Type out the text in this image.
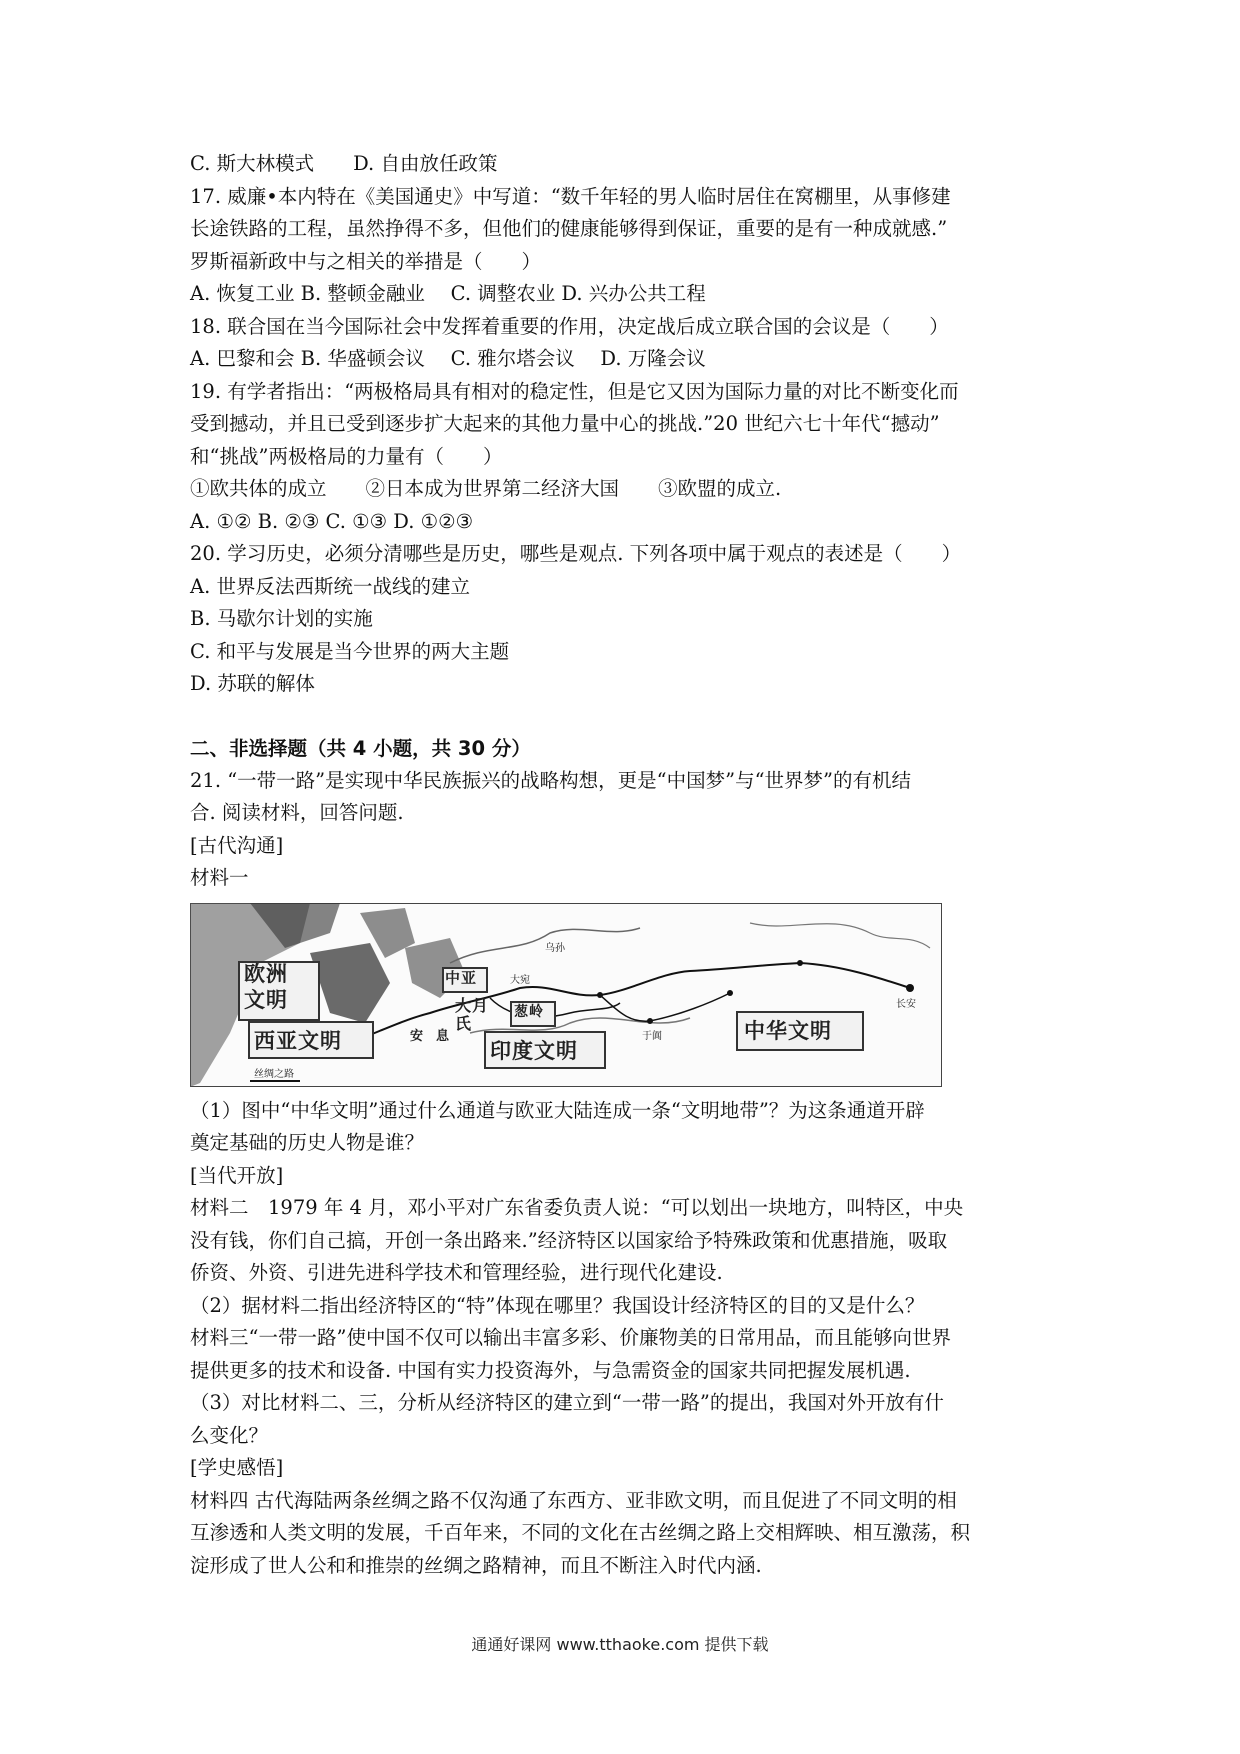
C. 斯大林模式　　D. 自由放任政策
17. 威廉•本内特在《美国通史》中写道：“数千年轻的男人临时居住在窝棚里，从事修建
长途铁路的工程，虽然挣得不多，但他们的健康能够得到保证，重要的是有一种成就感.”
罗斯福新政中与之相关的举措是（　　）
A. 恢复工业 B. 整顿金融业　 C. 调整农业 D. 兴办公共工程
18. 联合国在当今国际社会中发挥着重要的作用，决定战后成立联合国的会议是（　　）
A. 巴黎和会 B. 华盛顿会议　 C. 雅尔塔会议　 D. 万隆会议
19. 有学者指出：“两极格局具有相对的稳定性，但是它又因为国际力量的对比不断变化而
受到撼动，并且已受到逐步扩大起来的其他力量中心的挑战.”20 世纪六七十年代“撼动”
和“挑战”两极格局的力量有（　　）
①欧共体的成立　　②日本成为世界第二经济大国　　③欧盟的成立.
A. ①② B. ②③ C. ①③ D. ①②③
20. 学习历史，必须分清哪些是历史，哪些是观点. 下列各项中属于观点的表述是（　　）
A. 世界反法西斯统一战线的建立
B. 马歇尔计划的实施
C. 和平与发展是当今世界的两大主题
D. 苏联的解体
二、非选择题（共 4 小题，共 30 分）
21. “一带一路”是实现中华民族振兴的战略构想，更是“中国梦”与“世界梦”的有机结
合. 阅读材料，回答问题.
[古代沟通]
材料一
欧洲
文明
西亚文明	印度文明
中华文明
中亚
大月
氏
葱岭
安　息
大宛
乌孙
长安
于阗
丝绸之路
（1）图中“中华文明”通过什么通道与欧亚大陆连成一条“文明地带”？为这条通道开辟
奠定基础的历史人物是谁？
[当代开放]
材料二　1979 年 4 月，邓小平对广东省委负责人说：“可以划出一块地方，叫特区，中央
没有钱，你们自己搞，开创一条出路来.”经济特区以国家给予特殊政策和优惠措施，吸取
侨资、外资、引进先进科学技术和管理经验，进行现代化建设.
（2）据材料二指出经济特区的“特”体现在哪里？我国设计经济特区的目的又是什么？
材料三“一带一路”使中国不仅可以输出丰富多彩、价廉物美的日常用品，而且能够向世界
提供更多的技术和设备. 中国有实力投资海外，与急需资金的国家共同把握发展机遇.
（3）对比材料二、三，分析从经济特区的建立到“一带一路”的提出，我国对外开放有什
么变化？
[学史感悟]
材料四 古代海陆两条丝绸之路不仅沟通了东西方、亚非欧文明，而且促进了不同文明的相
互渗透和人类文明的发展，千百年来，不同的文化在古丝绸之路上交相辉映、相互激荡，积
淀形成了世人公和和推崇的丝绸之路精神，而且不断注入时代内涵.
通通好课网 www.tthaoke.com 提供下载
